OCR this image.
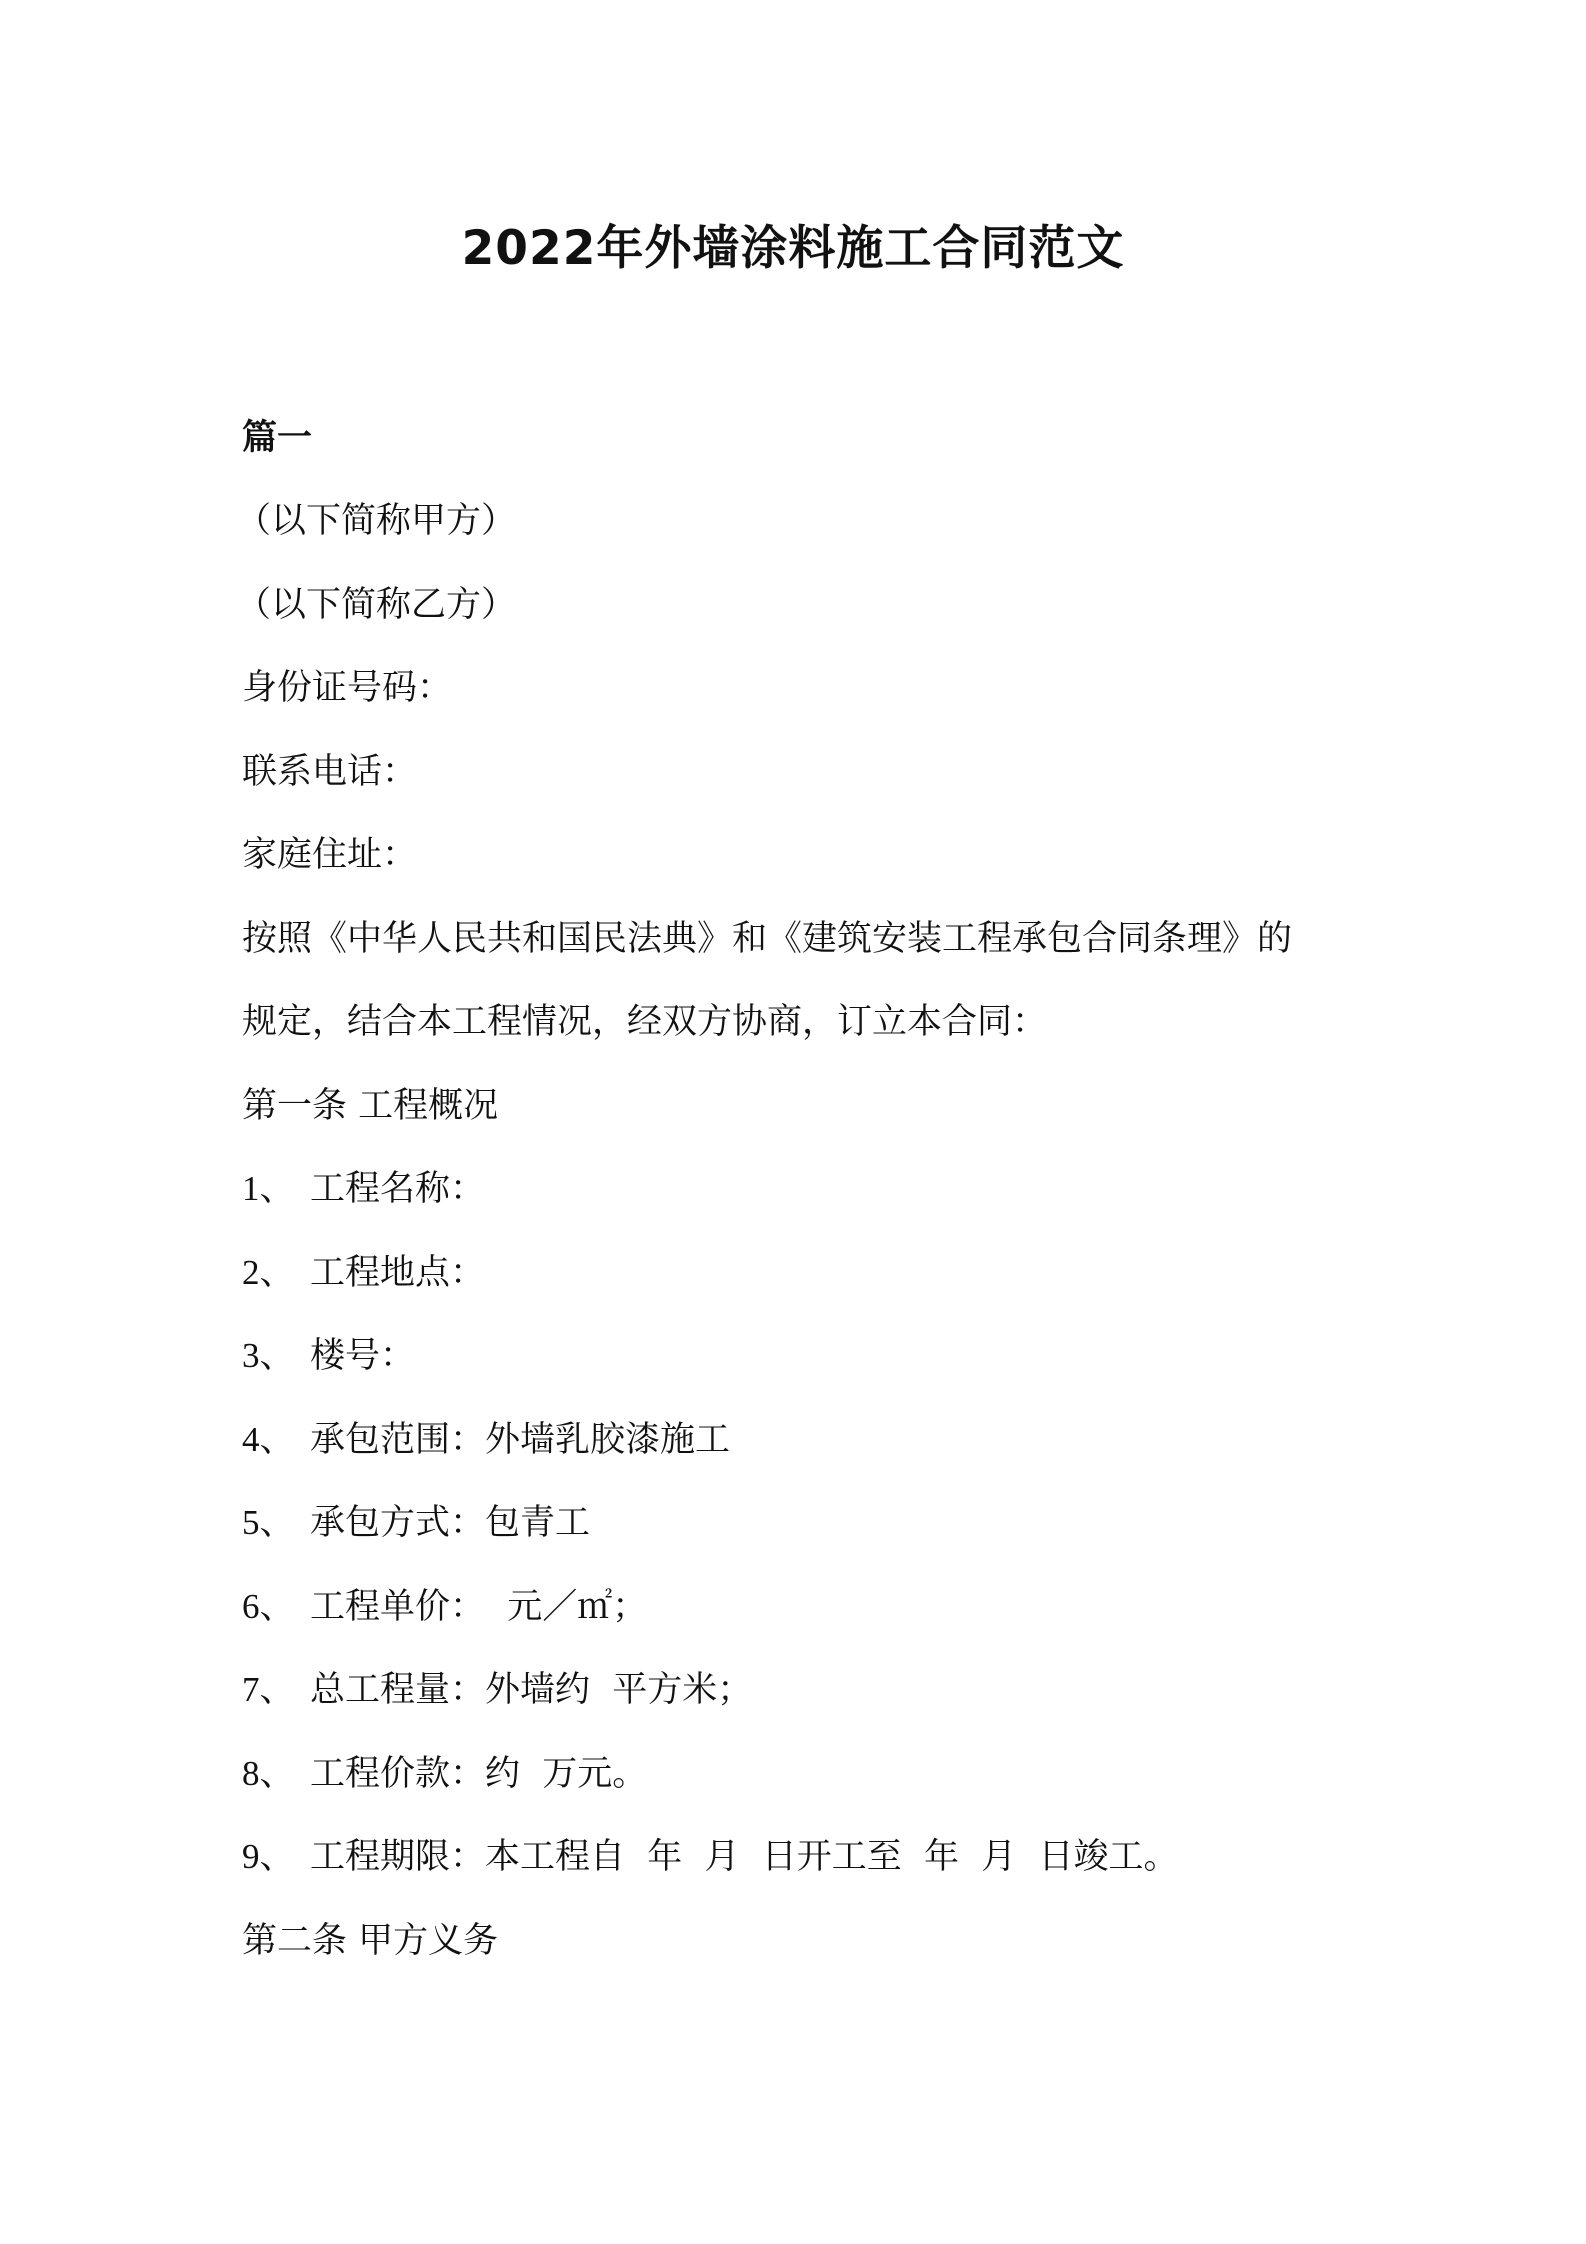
2022年外墙涂料施工合同范文
篇一
（以下简称甲方）
（以下简称乙方）
身份证号码：
联系电话：
家庭住址：
按照《中华人民共和国民法典》和《建筑安装工程承包合同条理》的
规定，结合本工程情况，经双方协商，订立本合同：
第一条 工程概况
1、 工程名称：
2、 工程地点：
3、 楼号：
4、 承包范围：外墙乳胶漆施工
5、 承包方式：包青工
6、 工程单价：  元／㎡；
7、 总工程量：外墙约  平方米；
8、 工程价款：约  万元。
9、 工程期限：本工程自  年  月  日开工至  年  月  日竣工。
第二条 甲方义务
